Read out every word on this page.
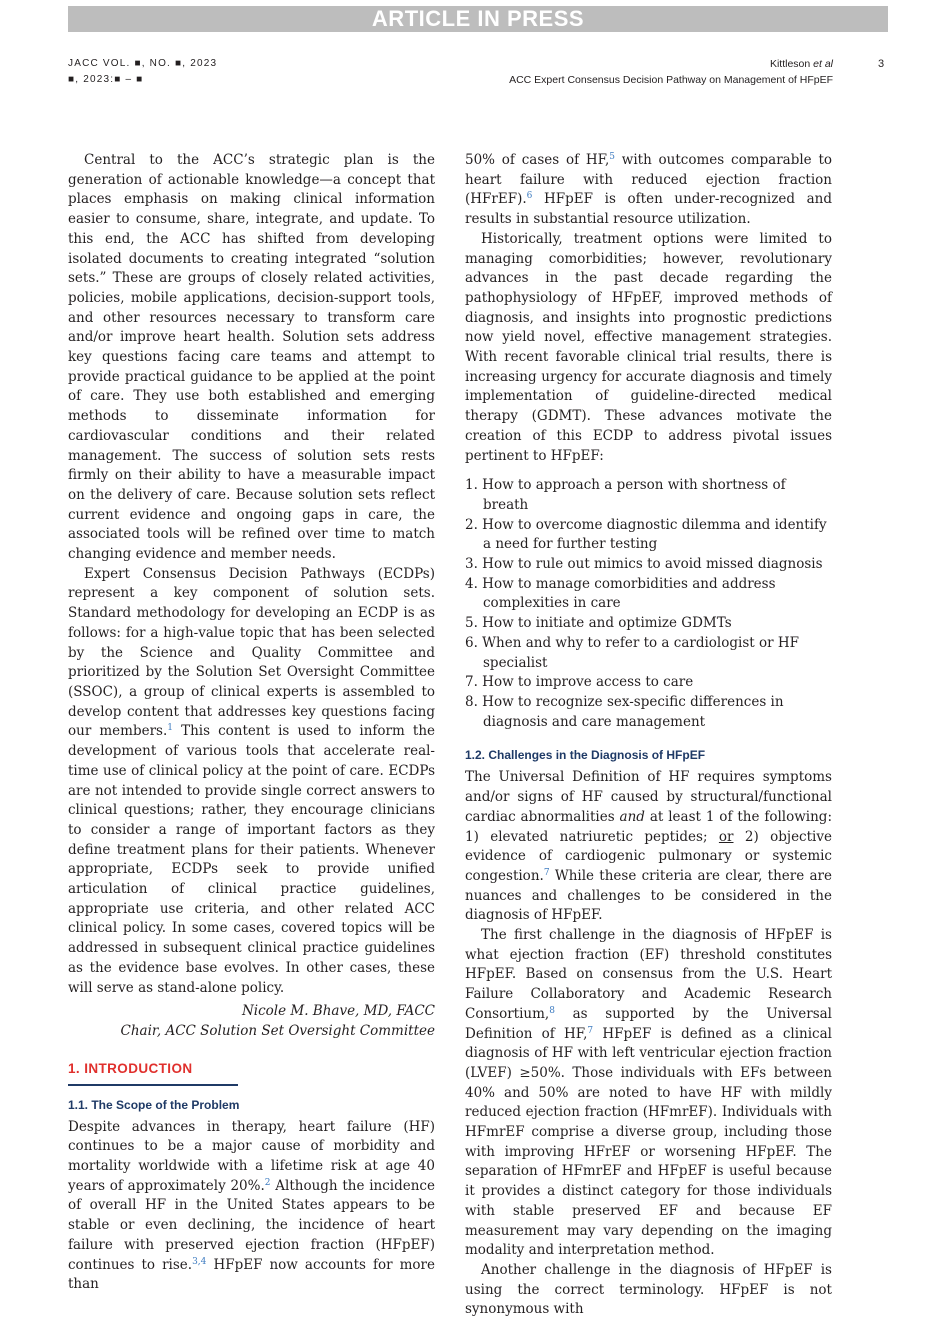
ARTICLE IN PRESS
JACC VOL. ■, NO. ■, 2023
■, 2023:■ – ■
Kittleson et al
ACC Expert Consensus Decision Pathway on Management of HFpEF
3

Central to the ACC’s strategic plan is the generation of actionable knowledge—a concept that places emphasis on making clinical information easier to consume, share, integrate, and update. To this end, the ACC has shifted from developing isolated documents to creating integrated “solution sets.” These are groups of closely related activities, policies, mobile applications, decision-support tools, and other resources necessary to transform care and/or improve heart health. Solution sets address key questions facing care teams and attempt to provide practical guidance to be applied at the point of care. They use both established and emerging methods to disseminate information for cardiovascular conditions and their related management. The success of solution sets rests firmly on their ability to have a measurable impact on the delivery of care. Because solution sets reflect current evidence and ongoing gaps in care, the associated tools will be refined over time to match changing evidence and member needs.

Expert Consensus Decision Pathways (ECDPs) represent a key component of solution sets. Standard methodology for developing an ECDP is as follows: for a high-value topic that has been selected by the Science and Quality Committee and prioritized by the Solution Set Oversight Committee (SSOC), a group of clinical experts is assembled to develop content that addresses key questions facing our members.$^1$ This content is used to inform the development of various tools that accelerate real-time use of clinical policy at the point of care. ECDPs are not intended to provide single correct answers to clinical questions; rather, they encourage clinicians to consider a range of important factors as they define treatment plans for their patients. Whenever appropriate, ECDPs seek to provide unified articulation of clinical practice guidelines, appropriate use criteria, and other related ACC clinical policy. In some cases, covered topics will be addressed in subsequent clinical practice guidelines as the evidence base evolves. In other cases, these will serve as stand-alone policy.

Nicole M. Bhave, MD, FACC

Chair, ACC Solution Set Oversight Committee

1. INTRODUCTION
1.1. The Scope of the Problem

Despite advances in therapy, heart failure (HF) continues to be a major cause of morbidity and mortality worldwide with a lifetime risk at age 40 years of approximately 20%.$^2$ Although the incidence of overall HF in the United States appears to be stable or even declining, the incidence of heart failure with preserved ejection fraction (HFpEF) continues to rise.$^{3,4}$ HFpEF now accounts for more than

50% of cases of HF,$^5$ with outcomes comparable to heart failure with reduced ejection fraction (HFrEF).$^6$ HFpEF is often under-recognized and results in substantial resource utilization.

Historically, treatment options were limited to managing comorbidities; however, revolutionary advances in the past decade regarding the pathophysiology of HFpEF, improved methods of diagnosis, and insights into prognostic predictions now yield novel, effective management strategies. With recent favorable clinical trial results, there is increasing urgency for accurate diagnosis and timely implementation of guideline-directed medical therapy (GDMT). These advances motivate the creation of this ECDP to address pivotal issues pertinent to HFpEF:

1. How to approach a person with shortness of breath
2. How to overcome diagnostic dilemma and identify a need for further testing
3. How to rule out mimics to avoid missed diagnosis
4. How to manage comorbidities and address complexities in care
5. How to initiate and optimize GDMTs
6. When and why to refer to a cardiologist or HF specialist
7. How to improve access to care
8. How to recognize sex-specific differences in diagnosis and care management
1.2. Challenges in the Diagnosis of HFpEF

The Universal Definition of HF requires symptoms and/or signs of HF caused by structural/functional cardiac abnormalities and at least 1 of the following: 1) elevated natriuretic peptides; or 2) objective evidence of cardiogenic pulmonary or systemic congestion.$^7$ While these criteria are clear, there are nuances and challenges to be considered in the diagnosis of HFpEF.

The first challenge in the diagnosis of HFpEF is what ejection fraction (EF) threshold constitutes HFpEF. Based on consensus from the U.S. Heart Failure Collaboratory and Academic Research Consortium,$^8$ as supported by the Universal Definition of HF,$^7$ HFpEF is defined as a clinical diagnosis of HF with left ventricular ejection fraction (LVEF) ≥50%. Those individuals with EFs between 40% and 50% are noted to have HF with mildly reduced ejection fraction (HFmrEF). Individuals with HFmrEF comprise a diverse group, including those with improving HFrEF or worsening HFpEF. The separation of HFmrEF and HFpEF is useful because it provides a distinct category for those individuals with stable preserved EF and because EF measurement may vary depending on the imaging modality and interpretation method.

Another challenge in the diagnosis of HFpEF is using the correct terminology. HFpEF is not synonymous with
